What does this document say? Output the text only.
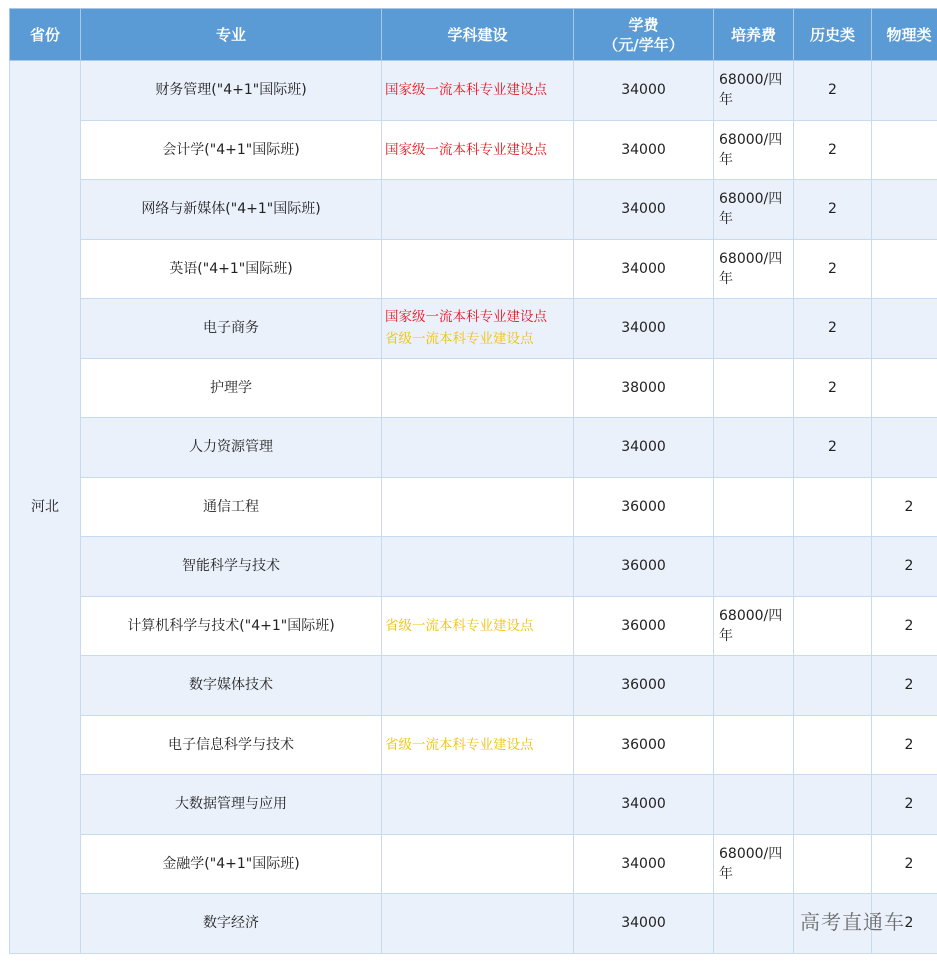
省份	专业	学科建设	学费
（元/学年）	培养费	历史类	物理类
河北	财务管理("4+1"国际班)	国家级一流本科专业建设点	34000	68000/四
年	2	
	会计学("4+1"国际班)	国家级一流本科专业建设点	34000	68000/四
年	2	
	网络与新媒体("4+1"国际班)		34000	68000/四
年	2	
	英语("4+1"国际班)		34000	68000/四
年	2	
	电子商务	国家级一流本科专业建设点
省级一流本科专业建设点	34000		2	
	护理学		38000		2	
	人力资源管理		34000		2	
	通信工程		36000			2
	智能科学与技术		36000			2
	计算机科学与技术("4+1"国际班)	省级一流本科专业建设点	36000	68000/四
年		2
	数字媒体技术		36000			2
	电子信息科学与技术	省级一流本科专业建设点	36000			2
	大数据管理与应用		34000			2
	金融学("4+1"国际班)		34000	68000/四
年		2
	数字经济		34000			2
高考直通车
